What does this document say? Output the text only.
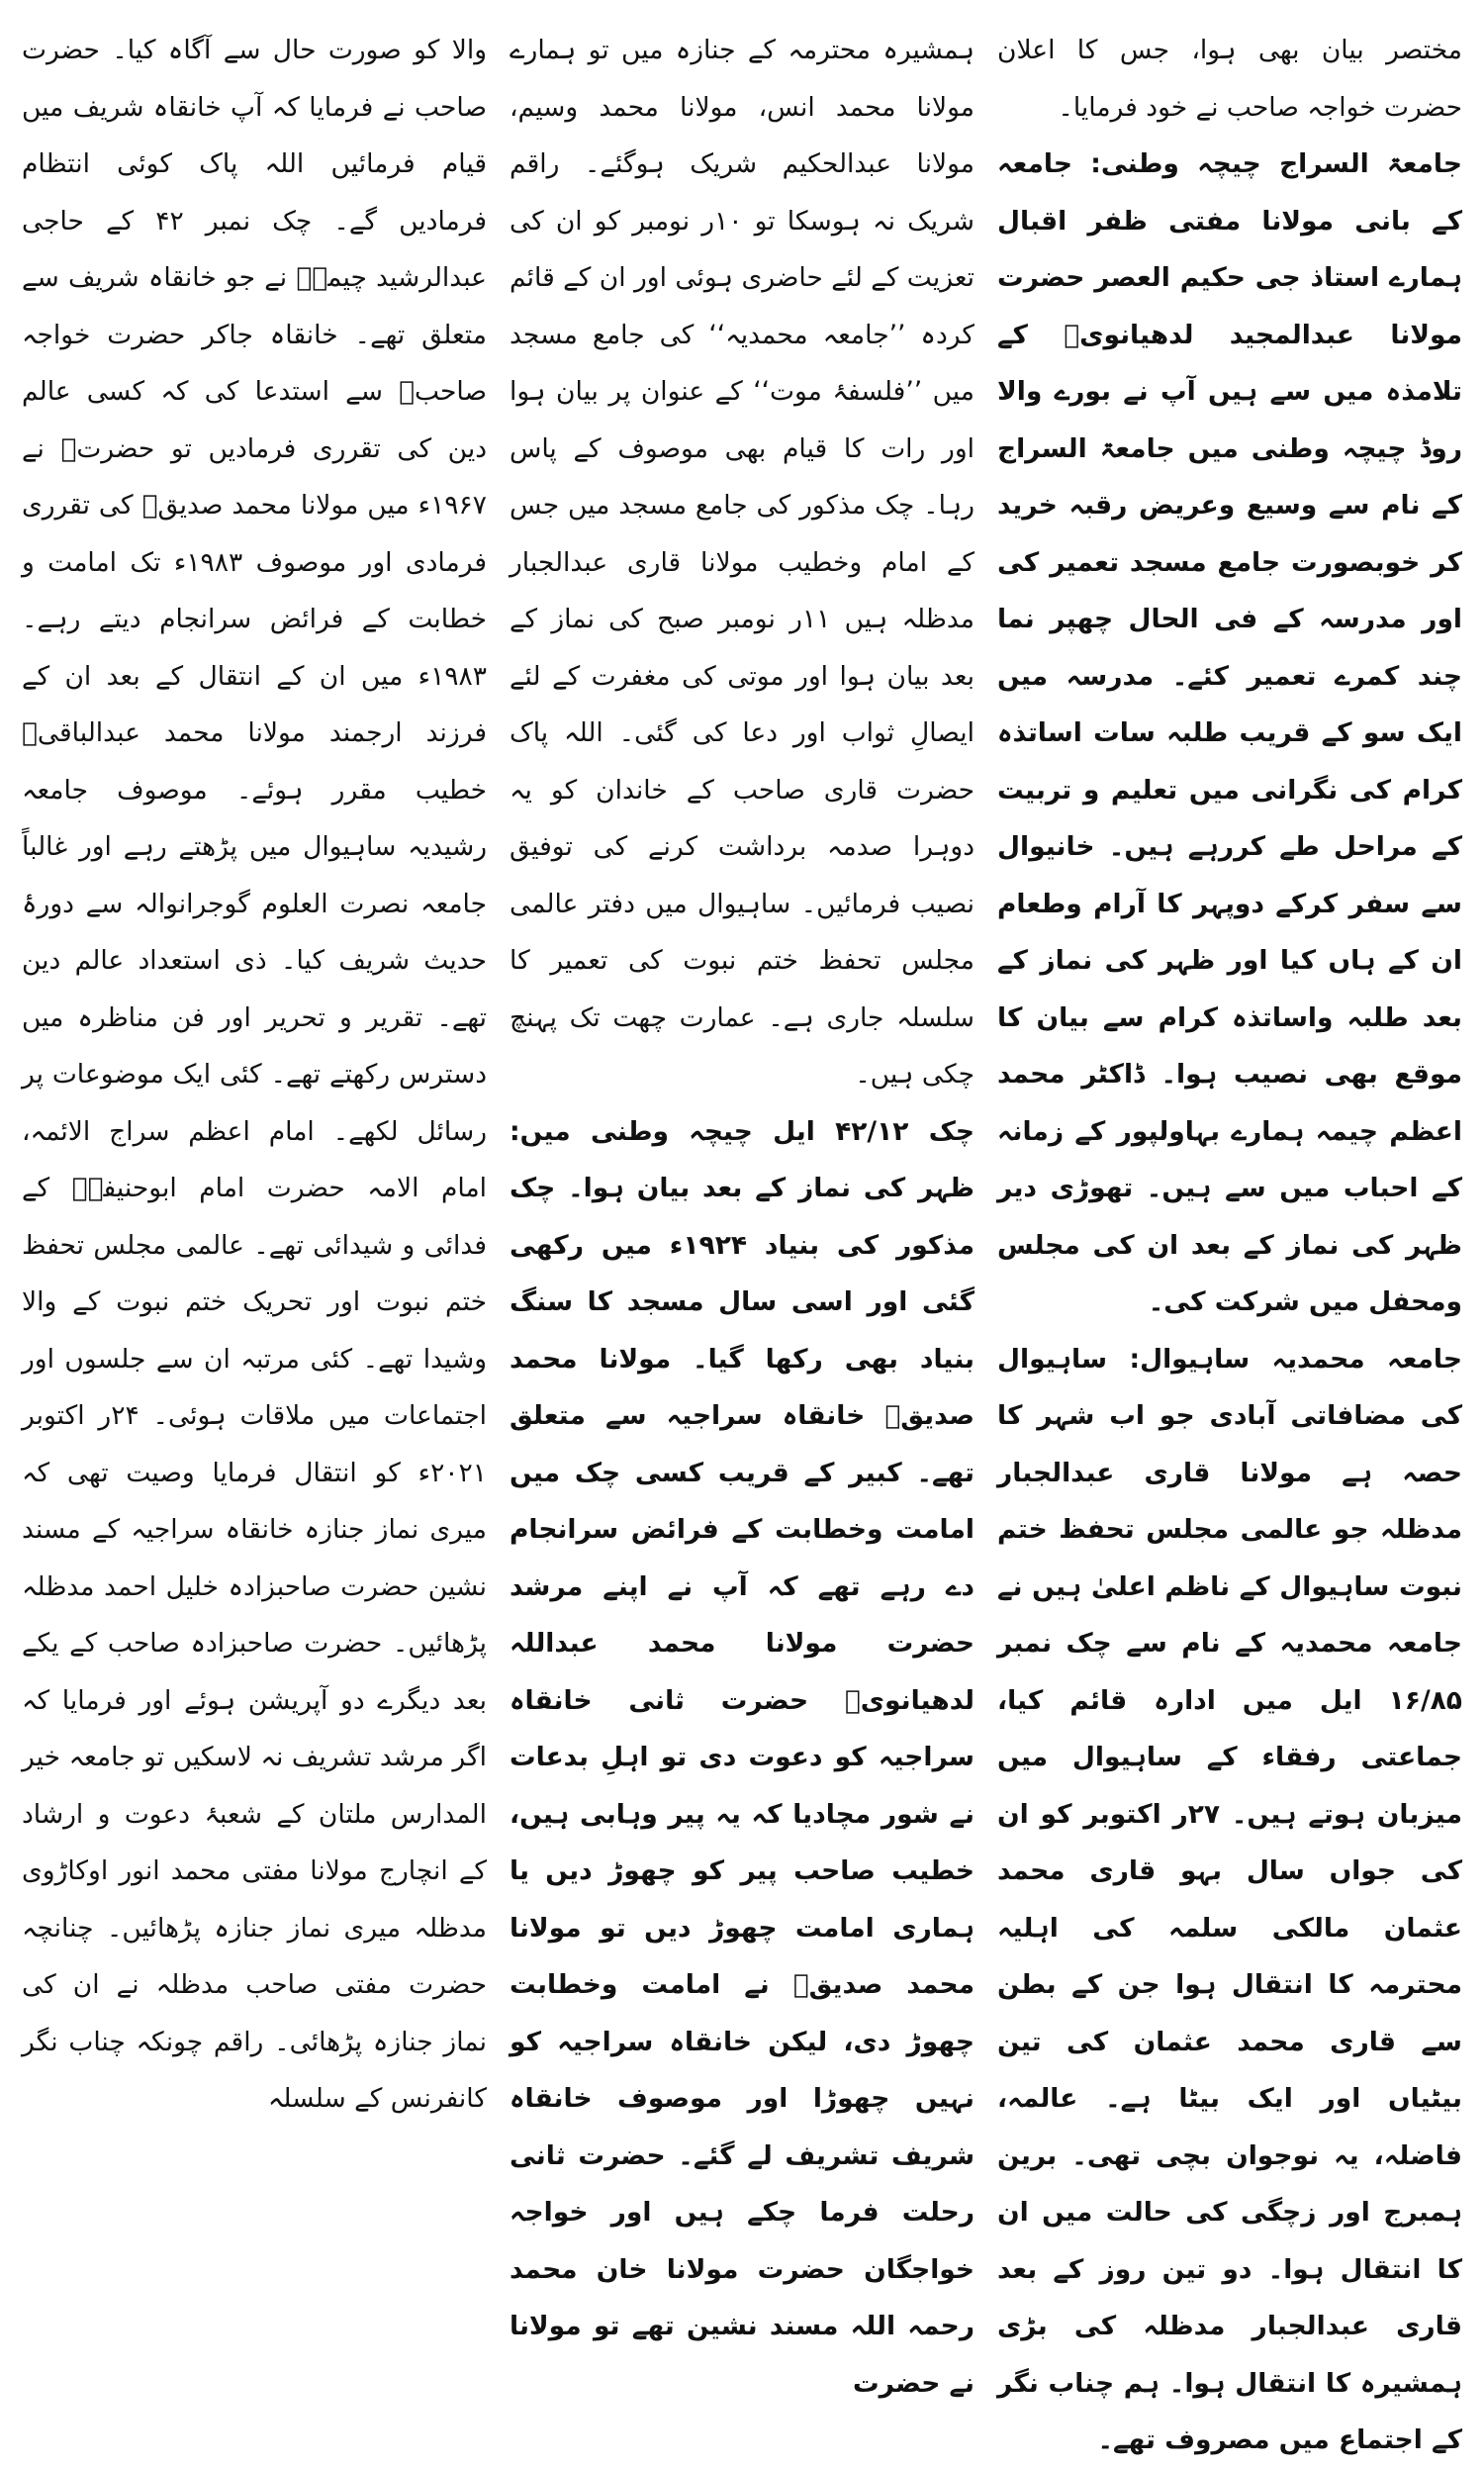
مختصر بیان بھی ہوا، جس کا اعلان حضرت خواجہ صاحب نے خود فرمایا۔

جامعۃ السراج چیچہ وطنی: جامعہ کے بانی مولانا مفتی ظفر اقبال ہمارے استاذ جی حکیم العصر حضرت مولانا عبدالمجید لدھیانویؒ کے تلامذہ میں سے ہیں آپ نے بورے والا روڈ چیچہ وطنی میں جامعۃ السراج کے نام سے وسیع وعریض رقبہ خرید کر خوبصورت جامع مسجد تعمیر کی اور مدرسہ کے فی الحال چھپر نما چند کمرے تعمیر کئے۔ مدرسہ میں ایک سو کے قریب طلبہ سات اساتذہ کرام کی نگرانی میں تعلیم و تربیت کے مراحل طے کررہے ہیں۔ خانیوال سے سفر کرکے دوپہر کا آرام وطعام ان کے ہاں کیا اور ظہر کی نماز کے بعد طلبہ واساتذہ کرام سے بیان کا موقع بھی نصیب ہوا۔ ڈاکٹر محمد اعظم چیمہ ہمارے بہاولپور کے زمانہ کے احباب میں سے ہیں۔ تھوڑی دیر ظہر کی نماز کے بعد ان کی مجلس ومحفل میں شرکت کی۔

جامعہ محمدیہ ساہیوال: ساہیوال کی مضافاتی آبادی جو اب شہر کا حصہ ہے مولانا قاری عبدالجبار مدظلہ جو عالمی مجلس تحفظ ختم نبوت ساہیوال کے ناظم اعلیٰ ہیں نے جامعہ محمدیہ کے نام سے چک نمبر ۱۶/۸۵ ایل میں ادارہ قائم کیا، جماعتی رفقاء کے ساہیوال میں میزبان ہوتے ہیں۔ ۲۷ر اکتوبر کو ان کی جواں سال بہو قاری محمد عثمان مالکی سلمہ کی اہلیہ محترمہ کا انتقال ہوا جن کے بطن سے قاری محمد عثمان کی تین بیٹیاں اور ایک بیٹا ہے۔ عالمہ، فاضلہ، یہ نوجوان بچی تھی۔ برین ہمبرج اور زچگی کی حالت میں ان کا انتقال ہوا۔ دو تین روز کے بعد قاری عبدالجبار مدظلہ کی بڑی ہمشیرہ کا انتقال ہوا۔ ہم چناب نگر کے اجتماع میں مصروف تھے۔

ہمشیرہ محترمہ کے جنازہ میں تو ہمارے مولانا محمد انس، مولانا محمد وسیم، مولانا عبدالحکیم شریک ہوگئے۔ راقم شریک نہ ہوسکا تو ۱۰ر نومبر کو ان کی تعزیت کے لئے حاضری ہوئی اور ان کے قائم کردہ ’’جامعہ محمدیہ‘‘ کی جامع مسجد میں ’’فلسفۂ موت‘‘ کے عنوان پر بیان ہوا اور رات کا قیام بھی موصوف کے پاس رہا۔ چک مذکور کی جامع مسجد میں جس کے امام وخطیب مولانا قاری عبدالجبار مدظلہ ہیں ۱۱ر نومبر صبح کی نماز کے بعد بیان ہوا اور موتی کی مغفرت کے لئے ایصالِ ثواب اور دعا کی گئی۔ اللہ پاک حضرت قاری صاحب کے خاندان کو یہ دوہرا صدمہ برداشت کرنے کی توفیق نصیب فرمائیں۔ ساہیوال میں دفتر عالمی مجلس تحفظ ختم نبوت کی تعمیر کا سلسلہ جاری ہے۔ عمارت چھت تک پہنچ چکی ہیں۔

چک ۴۲/۱۲ ایل چیچہ وطنی میں: ظہر کی نماز کے بعد بیان ہوا۔ چک مذکور کی بنیاد ۱۹۲۴ء میں رکھی گئی اور اسی سال مسجد کا سنگ بنیاد بھی رکھا گیا۔ مولانا محمد صدیقؒ خانقاہ سراجیہ سے متعلق تھے۔ کبیر کے قریب کسی چک میں امامت وخطابت کے فرائض سرانجام دے رہے تھے کہ آپ نے اپنے مرشد حضرت مولانا محمد عبداللہ لدھیانویؒ حضرت ثانی خانقاہ سراجیہ کو دعوت دی تو اہلِ بدعات نے شور مچادیا کہ یہ پیر وہابی ہیں، خطیب صاحب پیر کو چھوڑ دیں یا ہماری امامت چھوڑ دیں تو مولانا محمد صدیقؒ نے امامت وخطابت چھوڑ دی، لیکن خانقاہ سراجیہ کو نہیں چھوڑا اور موصوف خانقاہ شریف تشریف لے گئے۔ حضرت ثانی رحلت فرما چکے ہیں اور خواجہ خواجگان حضرت مولانا خان محمد رحمہ اللہ مسند نشین تھے تو مولانا نے حضرت

والا کو صورت حال سے آگاہ کیا۔ حضرت صاحب نے فرمایا کہ آپ خانقاہ شریف میں قیام فرمائیں اللہ پاک کوئی انتظام فرمادیں گے۔ چک نمبر ۴۲ کے حاجی عبدالرشید چیمہؒ نے جو خانقاہ شریف سے متعلق تھے۔ خانقاہ جاکر حضرت خواجہ صاحبؒ سے استدعا کی کہ کسی عالم دین کی تقرری فرمادیں تو حضرتؒ نے ۱۹۶۷ء میں مولانا محمد صدیقؒ کی تقرری فرمادی اور موصوف ۱۹۸۳ء تک امامت و خطابت کے فرائض سرانجام دیتے رہے۔ ۱۹۸۳ء میں ان کے انتقال کے بعد ان کے فرزند ارجمند مولانا محمد عبدالباقیؒ خطیب مقرر ہوئے۔ موصوف جامعہ رشیدیہ ساہیوال میں پڑھتے رہے اور غالباً جامعہ نصرت العلوم گوجرانوالہ سے دورۂ حدیث شریف کیا۔ ذی استعداد عالم دین تھے۔ تقریر و تحریر اور فن مناظرہ میں دسترس رکھتے تھے۔ کئی ایک موضوعات پر رسائل لکھے۔ امام اعظم سراج الائمہ، امام الامہ حضرت امام ابوحنیفہؒ کے فدائی و شیدائی تھے۔ عالمی مجلس تحفظ ختم نبوت اور تحریک ختم نبوت کے والا وشیدا تھے۔ کئی مرتبہ ان سے جلسوں اور اجتماعات میں ملاقات ہوئی۔ ۲۴ر اکتوبر ۲۰۲۱ء کو انتقال فرمایا وصیت تھی کہ میری نماز جنازہ خانقاہ سراجیہ کے مسند نشین حضرت صاحبزادہ خلیل احمد مدظلہ پڑھائیں۔ حضرت صاحبزادہ صاحب کے یکے بعد دیگرے دو آپریشن ہوئے اور فرمایا کہ اگر مرشد تشریف نہ لاسکیں تو جامعہ خیر المدارس ملتان کے شعبۂ دعوت و ارشاد کے انچارج مولانا مفتی محمد انور اوکاڑوی مدظلہ میری نماز جنازہ پڑھائیں۔ چنانچہ حضرت مفتی صاحب مدظلہ نے ان کی نماز جنازہ پڑھائی۔ راقم چونکہ چناب نگر کانفرنس کے سلسلہ
